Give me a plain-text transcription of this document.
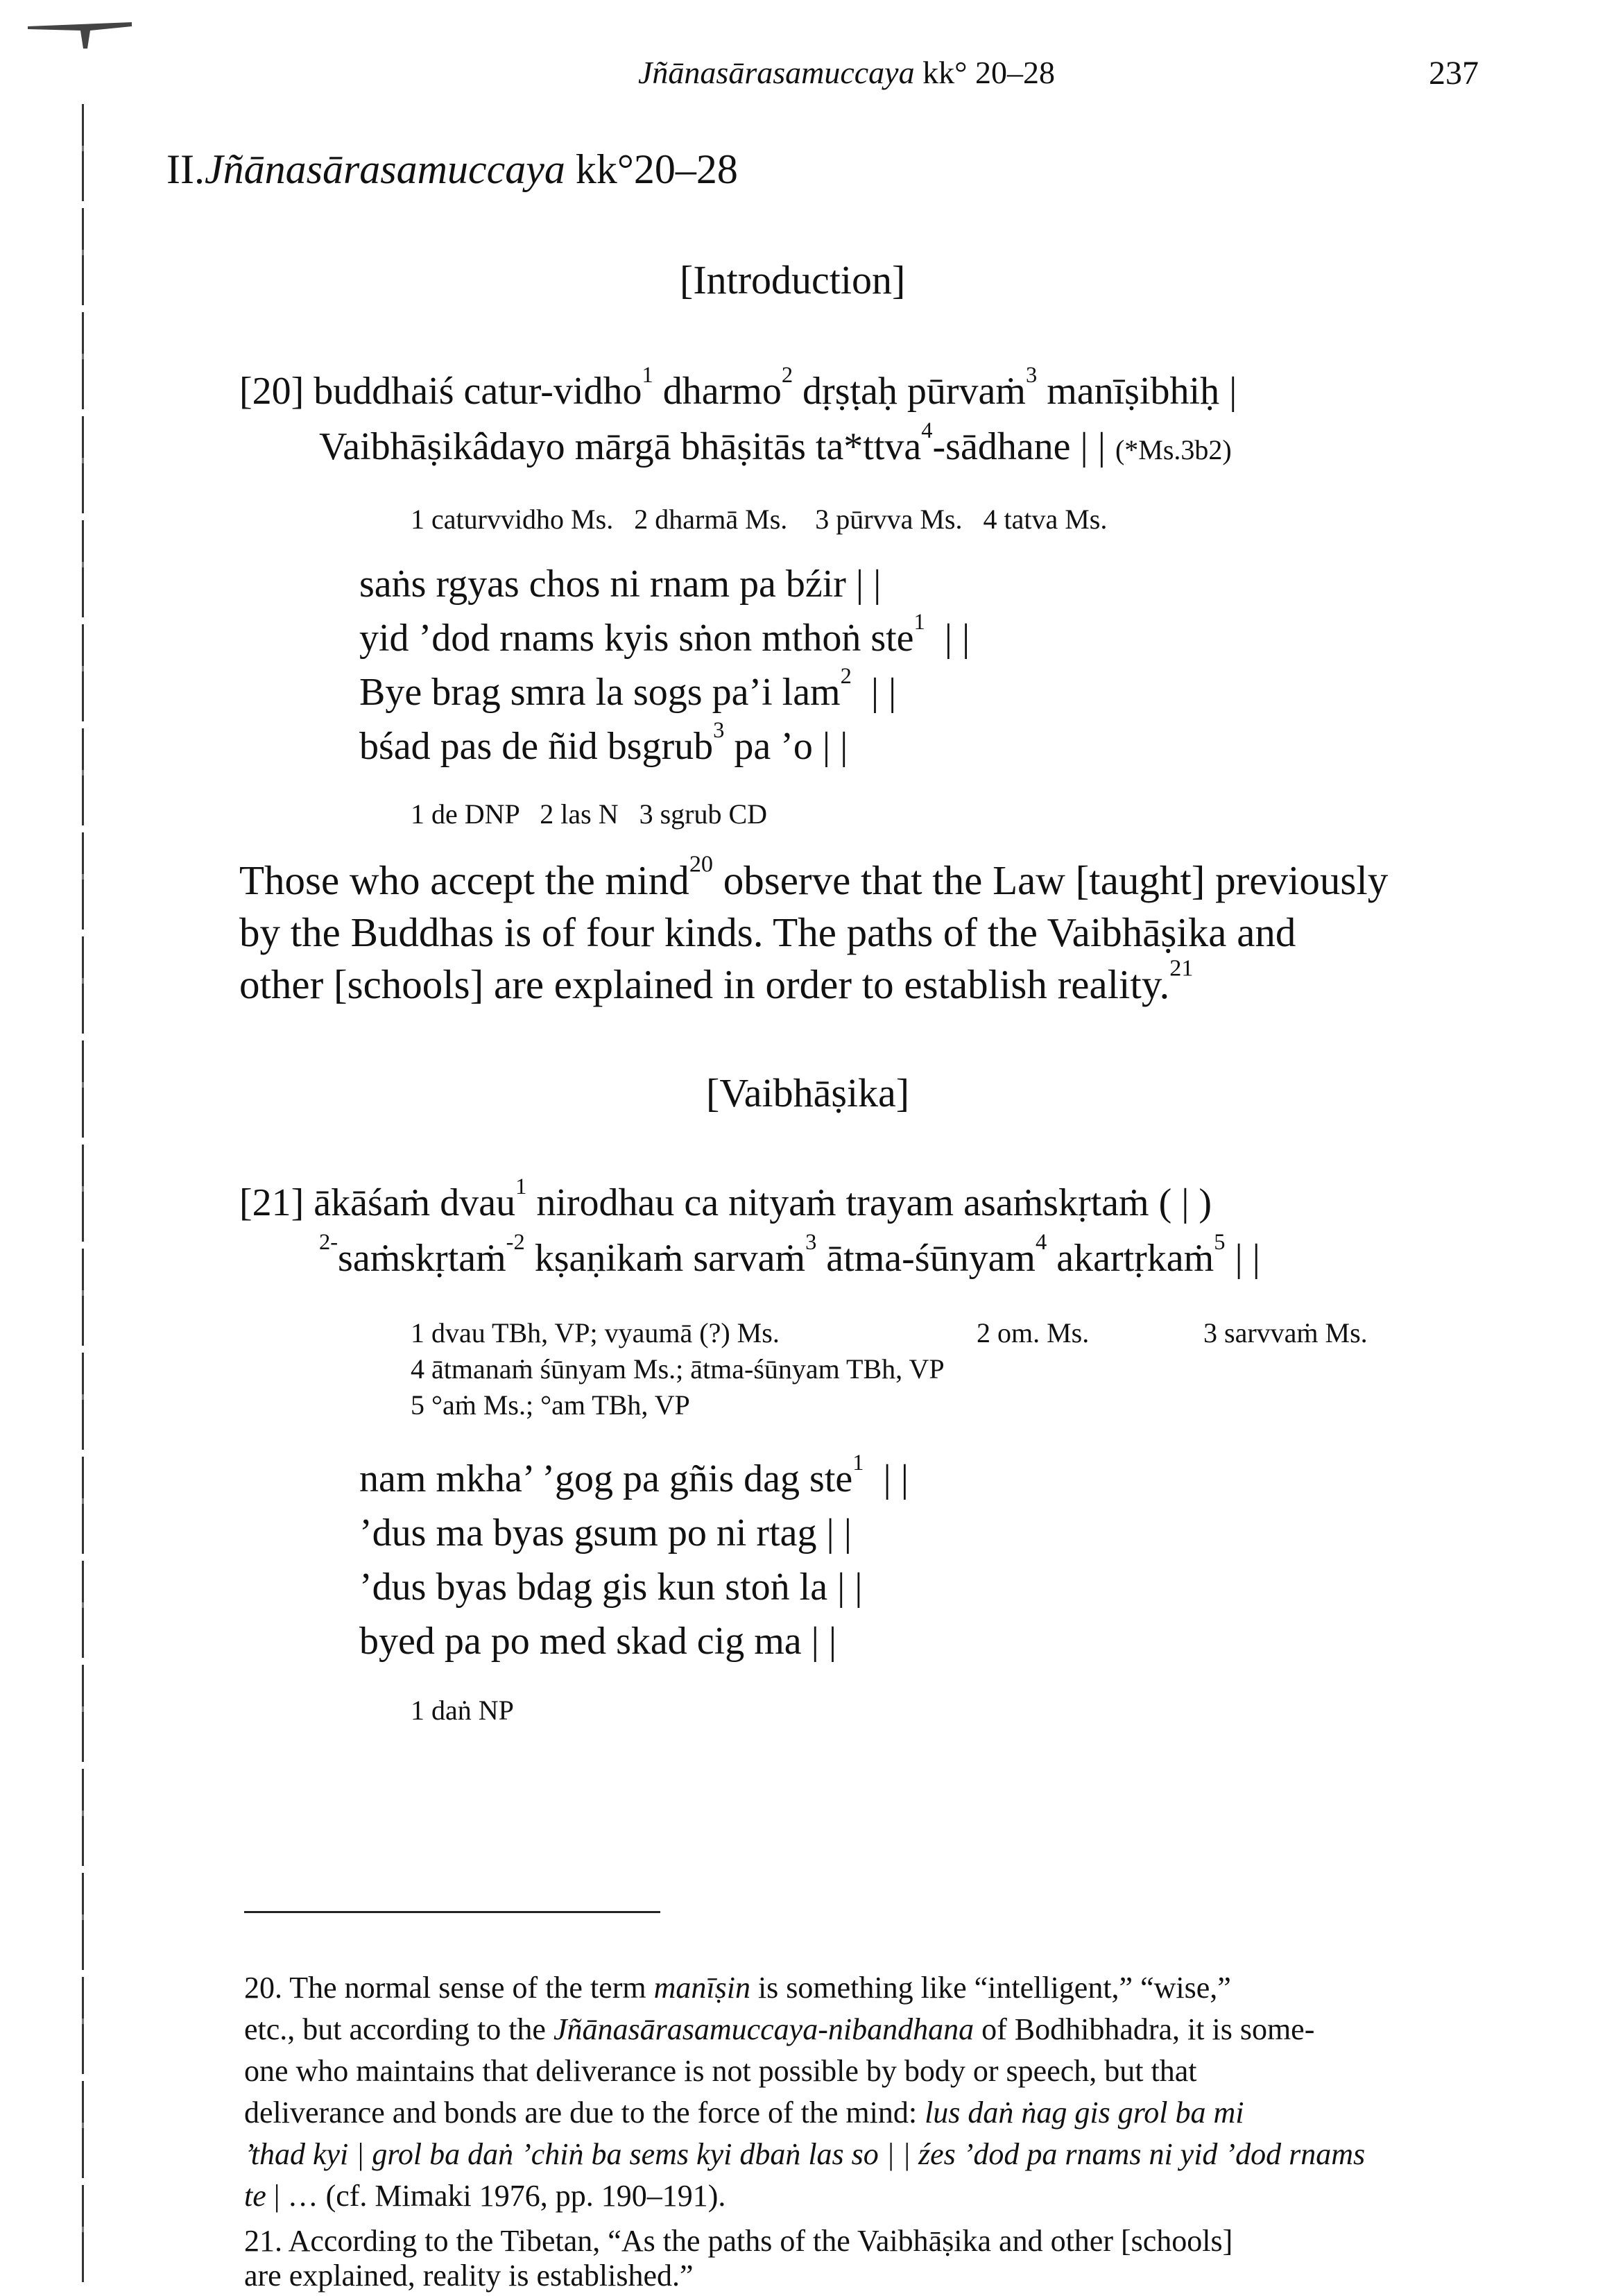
Jñānasārasamuccaya kk° 20–28	237
II.Jñānasārasamuccaya kk°20–28
[Introduction]
[20] buddhaiś catur-vidho$^1$ dharmo$^2$ dṛṣṭaḥ pūrvaṁ$^3$ manīṣibhiḥ |
Vaibhāṣikâdayo mārgā bhāṣitās ta*ttva$^4$-sādhane | | (*Ms.3b2)
1 caturvvidho Ms.   2 dharmā Ms.    3 pūrvva Ms.   4 tatva Ms.
saṅs rgyas chos ni rnam pa bźir | |
yid ’dod rnams kyis sṅon mthoṅ ste$^1$  | |
Bye brag smra la sogs pa’i lam$^2$  | |
bśad pas de ñid bsgrub$^3$ pa ’o | |
1 de DNP   2 las N   3 sgrub CD
Those who accept the mind$^{20}$ observe that the Law [taught] previously
by the Buddhas is of four kinds. The paths of the Vaibhāṣika and
other [schools] are explained in order to establish reality.$^{21}$
[Vaibhāṣika]
[21] ākāśaṁ dvau$^1$ nirodhau ca nityaṁ trayam asaṁskṛtaṁ ( | )
$^{2-}$saṁskṛtaṁ$^{-2}$ kṣaṇikaṁ sarvaṁ$^3$ ātma-śūnyam$^4$ akartṛkaṁ$^5$ | |
1 dvau TBh, VP; vyaumā (?) Ms.	2 om. Ms.	3 sarvvaṁ Ms.
4 ātmanaṁ śūnyam Ms.; ātma-śūnyam TBh, VP
5 °aṁ Ms.; °am TBh, VP
nam mkha’ ’gog pa gñis dag ste$^1$  | |
’dus ma byas gsum po ni rtag | |
’dus byas bdag gis kun stoṅ la | |
byed pa po med skad cig ma | |
1 daṅ NP
20. The normal sense of the term manīṣin is something like “intelligent,” “wise,”
etc., but according to the Jñānasārasamuccaya-nibandhana of Bodhibhadra, it is some-
one who maintains that deliverance is not possible by body or speech, but that
deliverance and bonds are due to the force of the mind: lus daṅ ṅag gis grol ba mi
’thad kyi | grol ba daṅ ’chiṅ ba sems kyi dbaṅ las so | | źes ’dod pa rnams ni yid ’dod rnams
te | … (cf. Mimaki 1976, pp. 190–191).
21. According to the Tibetan, “As the paths of the Vaibhāṣika and other [schools]
are explained, reality is established.”
